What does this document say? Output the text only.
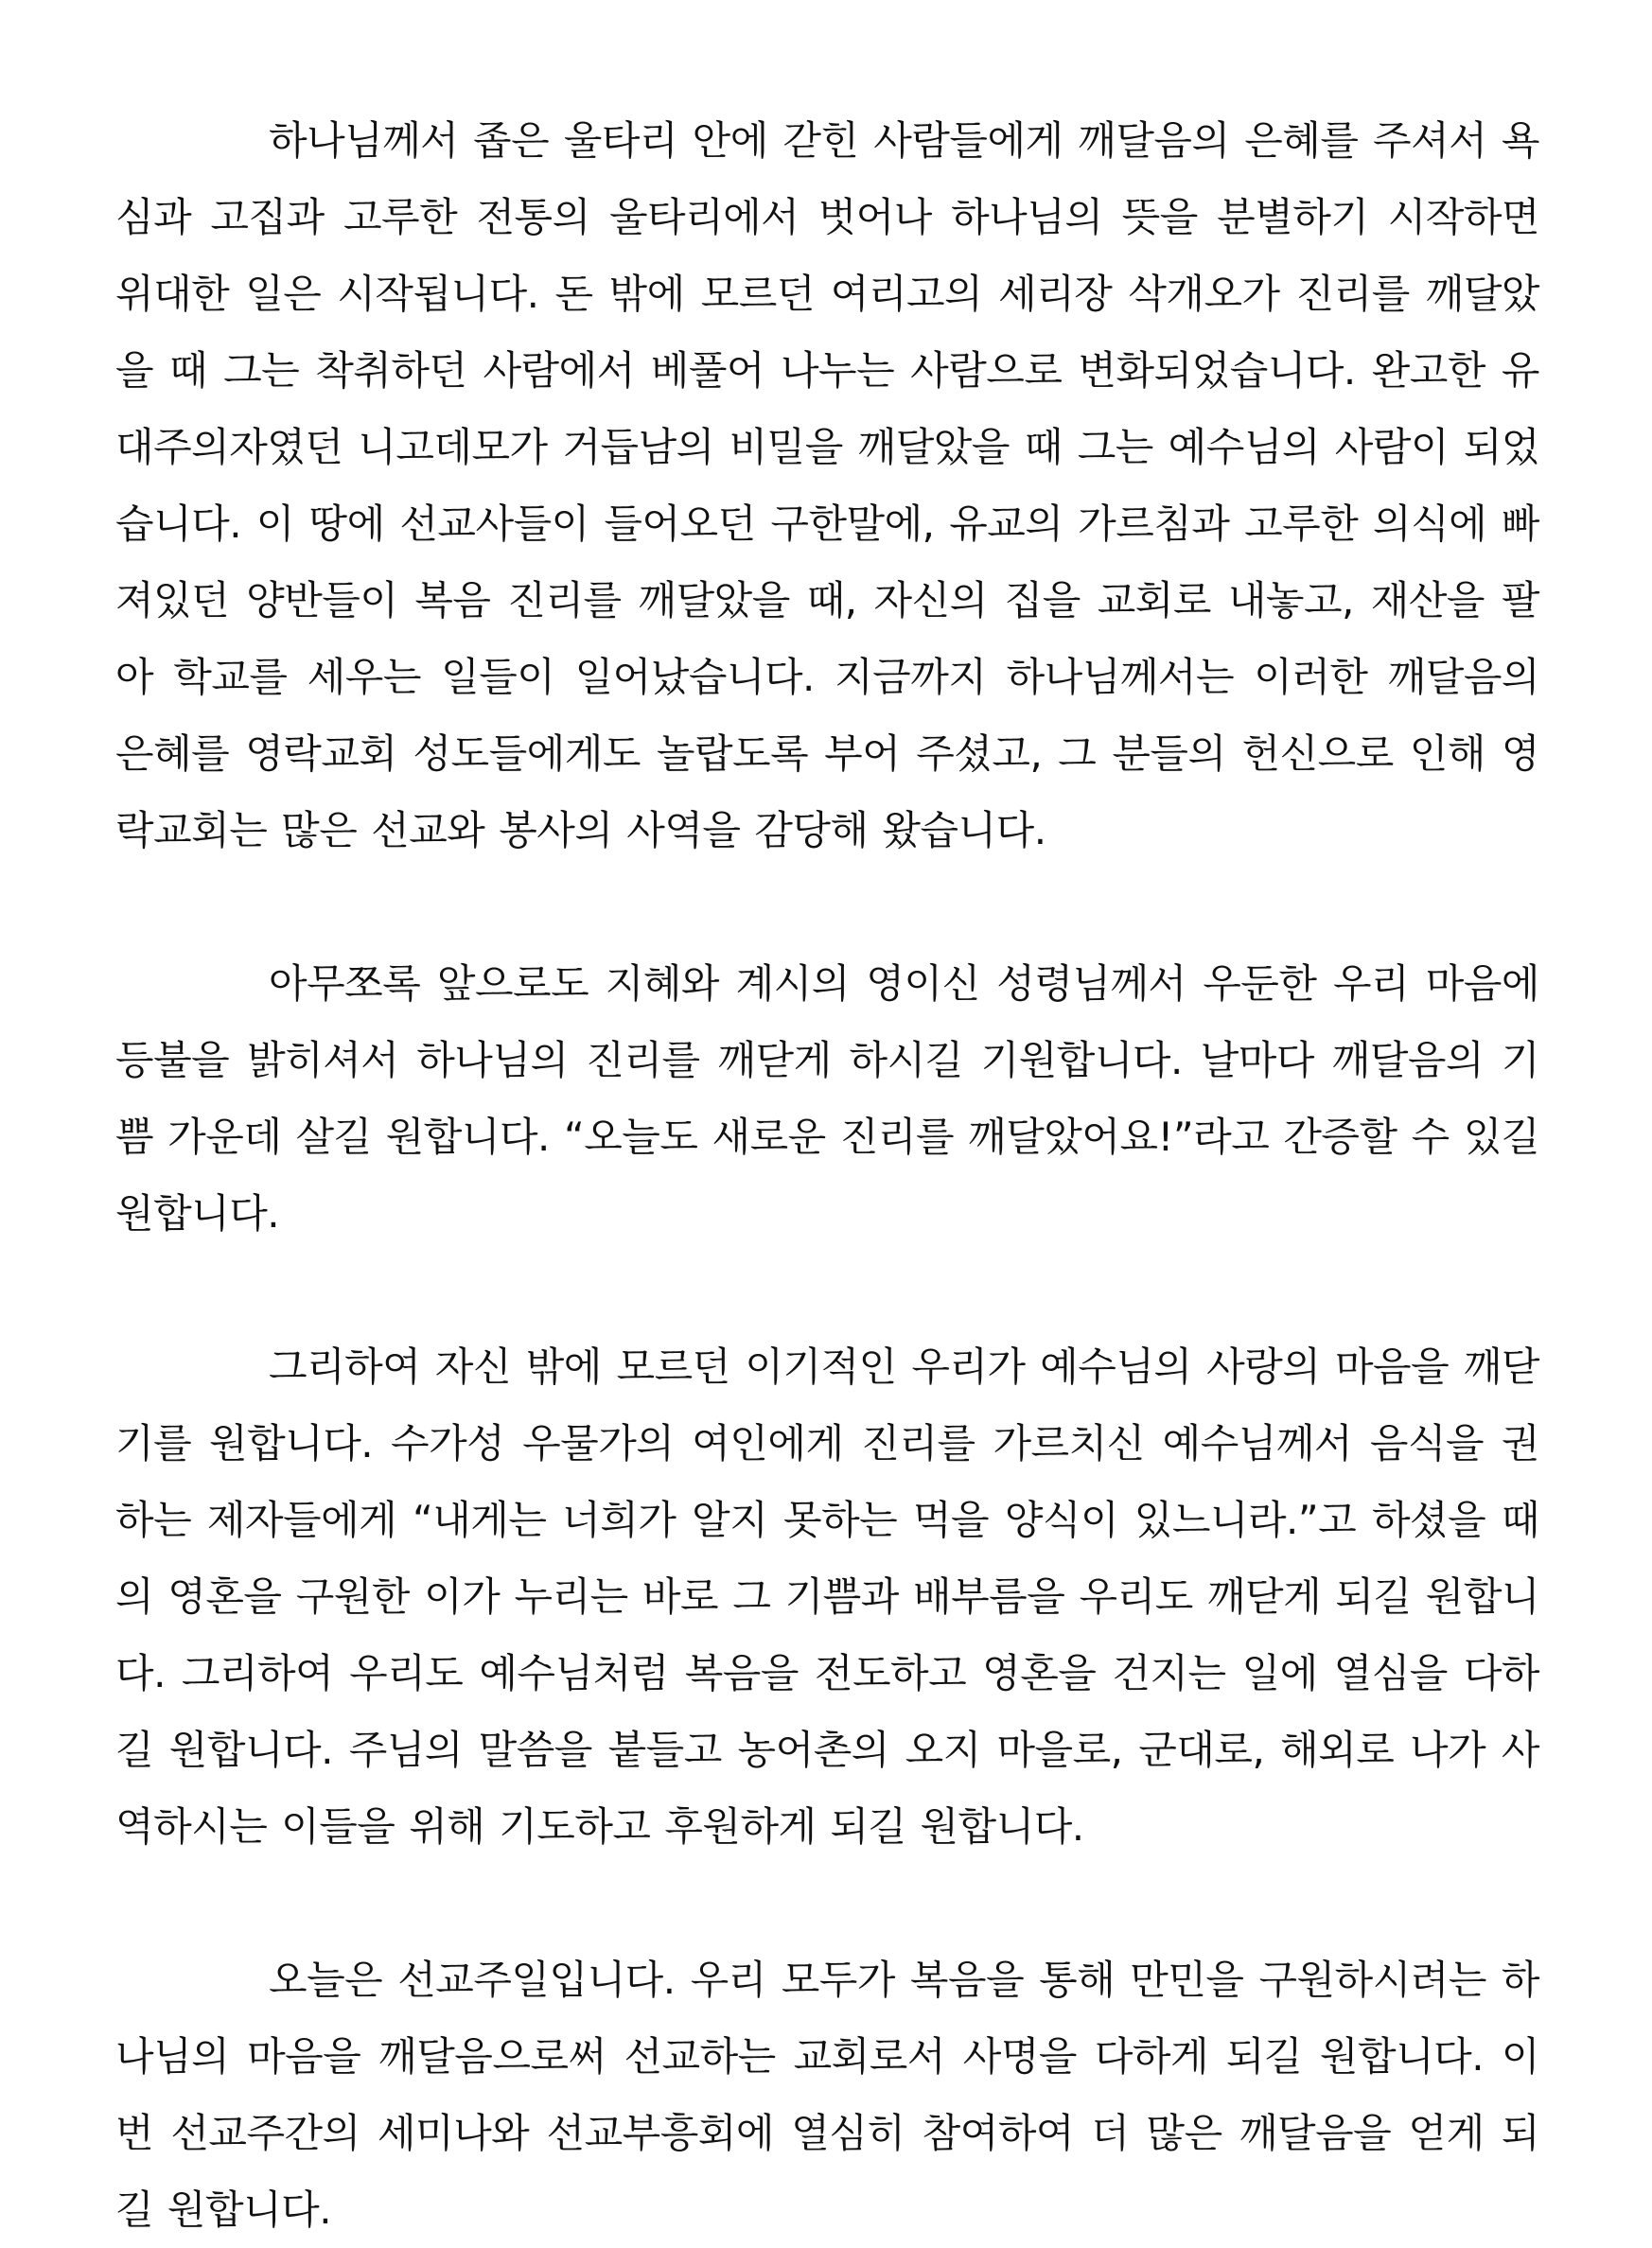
하나님께서 좁은 울타리 안에 갇힌 사람들에게 깨달음의 은혜를 주셔서 욕심과 고집과 고루한 전통의 울타리에서 벗어나 하나님의 뜻을 분별하기 시작하면 위대한 일은 시작됩니다. 돈 밖에 모르던 여리고의 세리장 삭개오가 진리를 깨달았을 때 그는 착취하던 사람에서 베풀어 나누는 사람으로 변화되었습니다. 완고한 유대주의자였던 니고데모가 거듭남의 비밀을 깨달았을 때 그는 예수님의 사람이 되었습니다. 이 땅에 선교사들이 들어오던 구한말에, 유교의 가르침과 고루한 의식에 빠져있던 양반들이 복음 진리를 깨달았을 때, 자신의 집을 교회로 내놓고, 재산을 팔아 학교를 세우는 일들이 일어났습니다. 지금까지 하나님께서는 이러한 깨달음의 은혜를 영락교회 성도들에게도 놀랍도록 부어 주셨고, 그 분들의 헌신으로 인해 영락교회는 많은 선교와 봉사의 사역을 감당해 왔습니다.

아무쪼록 앞으로도 지혜와 계시의 영이신 성령님께서 우둔한 우리 마음에 등불을 밝히셔서 하나님의 진리를 깨닫게 하시길 기원합니다. 날마다 깨달음의 기쁨 가운데 살길 원합니다. “오늘도 새로운 진리를 깨달았어요!”라고 간증할 수 있길 원합니다.

그리하여 자신 밖에 모르던 이기적인 우리가 예수님의 사랑의 마음을 깨닫기를 원합니다. 수가성 우물가의 여인에게 진리를 가르치신 예수님께서 음식을 권하는 제자들에게 “내게는 너희가 알지 못하는 먹을 양식이 있느니라.”고 하셨을 때의 영혼을 구원한 이가 누리는 바로 그 기쁨과 배부름을 우리도 깨닫게 되길 원합니다. 그리하여 우리도 예수님처럼 복음을 전도하고 영혼을 건지는 일에 열심을 다하길 원합니다. 주님의 말씀을 붙들고 농어촌의 오지 마을로, 군대로, 해외로 나가 사역하시는 이들을 위해 기도하고 후원하게 되길 원합니다.

오늘은 선교주일입니다. 우리 모두가 복음을 통해 만민을 구원하시려는 하나님의 마음을 깨달음으로써 선교하는 교회로서 사명을 다하게 되길 원합니다. 이번 선교주간의 세미나와 선교부흥회에 열심히 참여하여 더 많은 깨달음을 얻게 되길 원합니다.
